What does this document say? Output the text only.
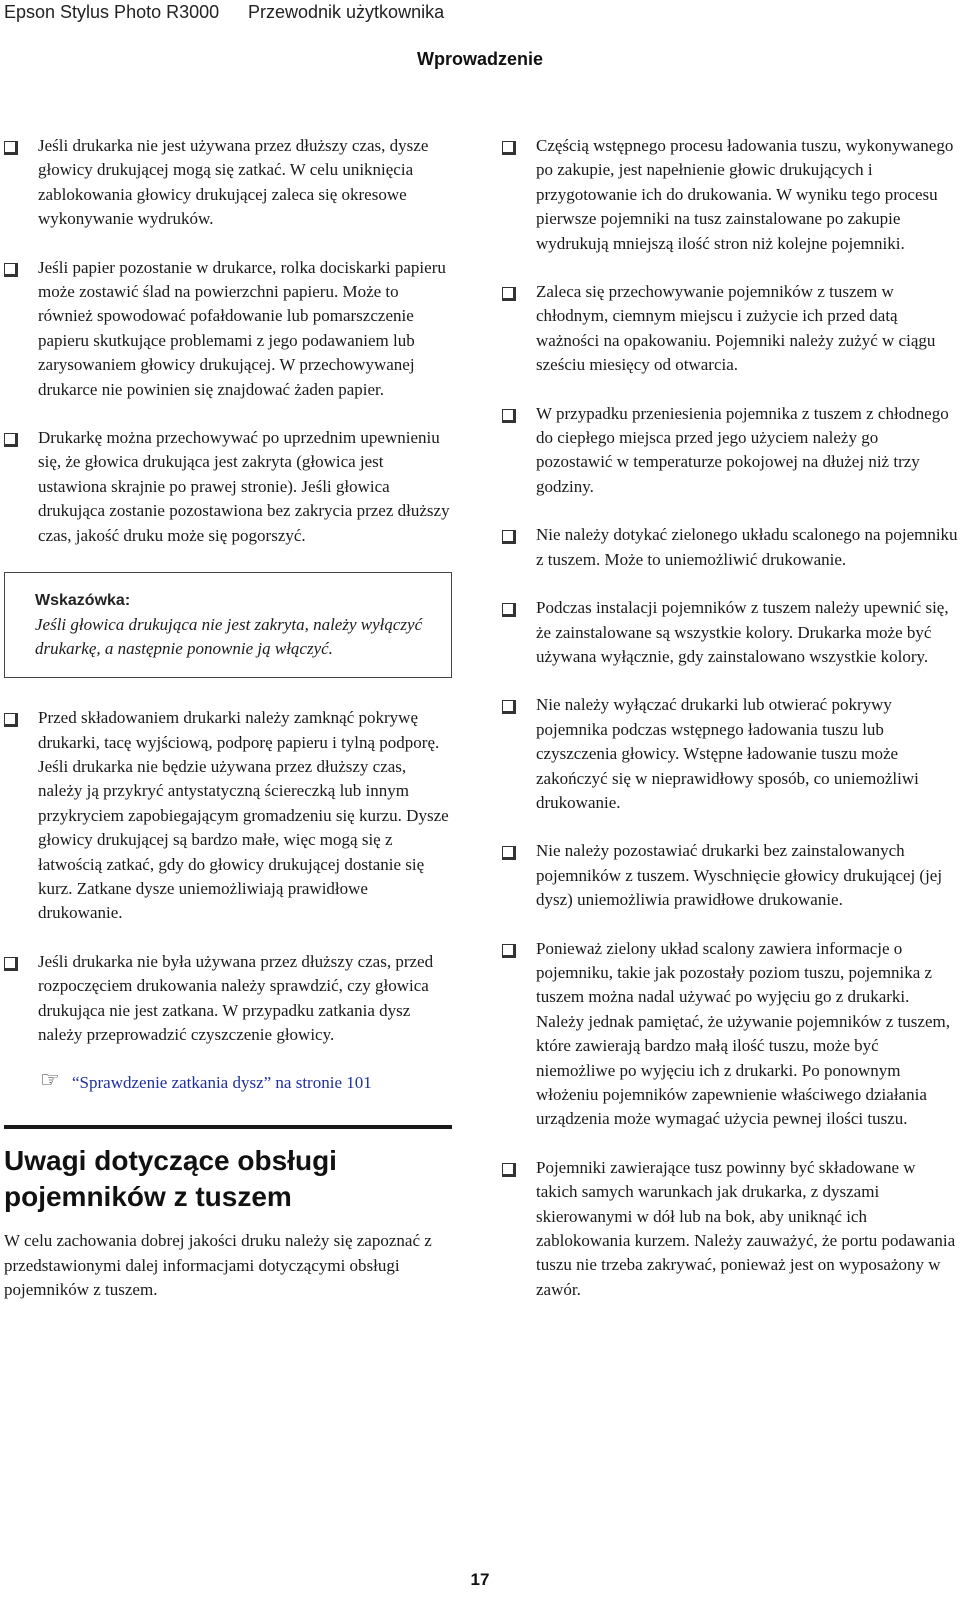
Epson Stylus Photo R3000 Przewodnik użytkownika
Wprowadzenie
Jeśli drukarka nie jest używana przez dłuższy czas, dysze głowicy drukującej mogą się zatkać. W celu uniknięcia zablokowania głowicy drukującej zaleca się okresowe wykonywanie wydruków.
Jeśli papier pozostanie w drukarce, rolka dociskarki papieru może zostawić ślad na powierzchni papieru. Może to również spowodować pofałdowanie lub pomarszczenie papieru skutkujące problemami z jego podawaniem lub zarysowaniem głowicy drukującej. W przechowywanej drukarce nie powinien się znajdować żaden papier.
Drukarkę można przechowywać po uprzednim upewnieniu się, że głowica drukująca jest zakryta (głowica jest ustawiona skrajnie po prawej stronie). Jeśli głowica drukująca zostanie pozostawiona bez zakrycia przez dłuższy czas, jakość druku może się pogorszyć.
Wskazówka:
Jeśli głowica drukująca nie jest zakryta, należy wyłączyć drukarkę, a następnie ponownie ją włączyć.
Przed składowaniem drukarki należy zamknąć pokrywę drukarki, tacę wyjściową, podporę papieru i tylną podporę. Jeśli drukarka nie będzie używana przez dłuższy czas, należy ją przykryć antystatyczną ściereczką lub innym przykryciem zapobiegającym gromadzeniu się kurzu. Dysze głowicy drukującej są bardzo małe, więc mogą się z łatwością zatkać, gdy do głowicy drukującej dostanie się kurz. Zatkane dysze uniemożliwiają prawidłowe drukowanie.
Jeśli drukarka nie była używana przez dłuższy czas, przed rozpoczęciem drukowania należy sprawdzić, czy głowica drukująca nie jest zatkana. W przypadku zatkania dysz należy przeprowadzić czyszczenie głowicy.
☞ “Sprawdzenie zatkania dysz” na stronie 101
Uwagi dotyczące obsługi
pojemników z tuszem

W celu zachowania dobrej jakości druku należy się zapoznać z przedstawionymi dalej informacjami dotyczącymi obsługi pojemników z tuszem.

Częścią wstępnego procesu ładowania tuszu, wykonywanego po zakupie, jest napełnienie głowic drukujących i przygotowanie ich do drukowania. W wyniku tego procesu pierwsze pojemniki na tusz zainstalowane po zakupie wydrukują mniejszą ilość stron niż kolejne pojemniki.
Zaleca się przechowywanie pojemników z tuszem w chłodnym, ciemnym miejscu i zużycie ich przed datą ważności na opakowaniu. Pojemniki należy zużyć w ciągu sześciu miesięcy od otwarcia.
W przypadku przeniesienia pojemnika z tuszem z chłodnego do ciepłego miejsca przed jego użyciem należy go pozostawić w temperaturze pokojowej na dłużej niż trzy godziny.
Nie należy dotykać zielonego układu scalonego na pojemniku z tuszem. Może to uniemożliwić drukowanie.
Podczas instalacji pojemników z tuszem należy upewnić się, że zainstalowane są wszystkie kolory. Drukarka może być używana wyłącznie, gdy zainstalowano wszystkie kolory.
Nie należy wyłączać drukarki lub otwierać pokrywy pojemnika podczas wstępnego ładowania tuszu lub czyszczenia głowicy. Wstępne ładowanie tuszu może zakończyć się w nieprawidłowy sposób, co uniemożliwi drukowanie.
Nie należy pozostawiać drukarki bez zainstalowanych pojemników z tuszem. Wyschnięcie głowicy drukującej (jej dysz) uniemożliwia prawidłowe drukowanie.
Ponieważ zielony układ scalony zawiera informacje o pojemniku, takie jak pozostały poziom tuszu, pojemnika z tuszem można nadal używać po wyjęciu go z drukarki. Należy jednak pamiętać, że używanie pojemników z tuszem, które zawierają bardzo małą ilość tuszu, może być niemożliwe po wyjęciu ich z drukarki. Po ponownym włożeniu pojemników zapewnienie właściwego działania urządzenia może wymagać użycia pewnej ilości tuszu.
Pojemniki zawierające tusz powinny być składowane w takich samych warunkach jak drukarka, z dyszami skierowanymi w dół lub na bok, aby uniknąć ich zablokowania kurzem. Należy zauważyć, że portu podawania tuszu nie trzeba zakrywać, ponieważ jest on wyposażony w zawór.
17
